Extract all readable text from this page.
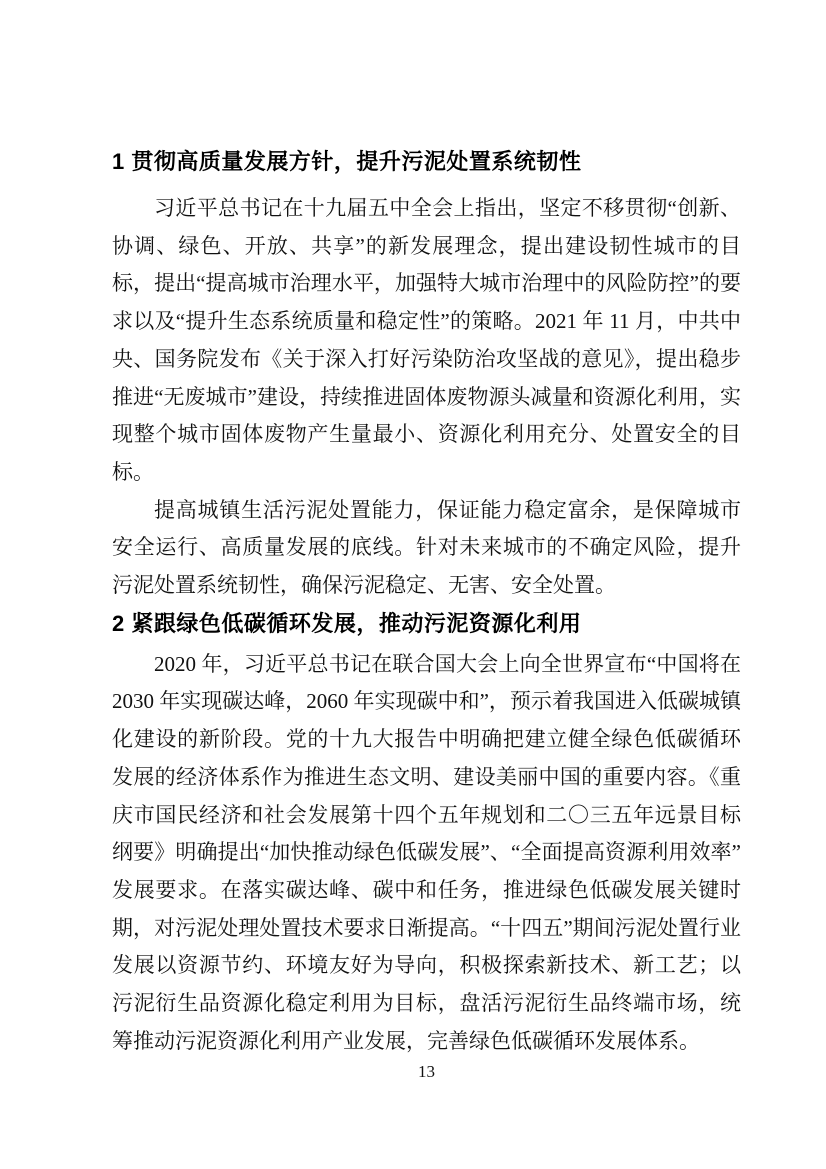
1 贯彻高质量发展方针，提升污泥处置系统韧性

习近平总书记在十九届五中全会上指出，坚定不移贯彻“创新、协调、绿色、开放、共享”的新发展理念，提出建设韧性城市的目标，提出“提高城市治理水平，加强特大城市治理中的风险防控”的要求以及“提升生态系统质量和稳定性”的策略。2021 年 11 月，中共中央、国务院发布《关于深入打好污染防治攻坚战的意见》，提出稳步推进“无废城市”建设，持续推进固体废物源头减量和资源化利用，实现整个城市固体废物产生量最小、资源化利用充分、处置安全的目标。

提高城镇生活污泥处置能力，保证能力稳定富余，是保障城市安全运行、高质量发展的底线。针对未来城市的不确定风险，提升污泥处置系统韧性，确保污泥稳定、无害、安全处置。

2 紧跟绿色低碳循环发展，推动污泥资源化利用

2020 年，习近平总书记在联合国大会上向全世界宣布“中国将在 2030 年实现碳达峰，2060 年实现碳中和”，预示着我国进入低碳城镇化建设的新阶段。党的十九大报告中明确把建立健全绿色低碳循环发展的经济体系作为推进生态文明、建设美丽中国的重要内容。《重庆市国民经济和社会发展第十四个五年规划和二〇三五年远景目标纲要》明确提出“加快推动绿色低碳发展”、“全面提高资源利用效率”发展要求。在落实碳达峰、碳中和任务，推进绿色低碳发展关键时期，对污泥处理处置技术要求日渐提高。“十四五”期间污泥处置行业发展以资源节约、环境友好为导向，积极探索新技术、新工艺；以污泥衍生品资源化稳定利用为目标，盘活污泥衍生品终端市场，统筹推动污泥资源化利用产业发展，完善绿色低碳循环发展体系。

13
